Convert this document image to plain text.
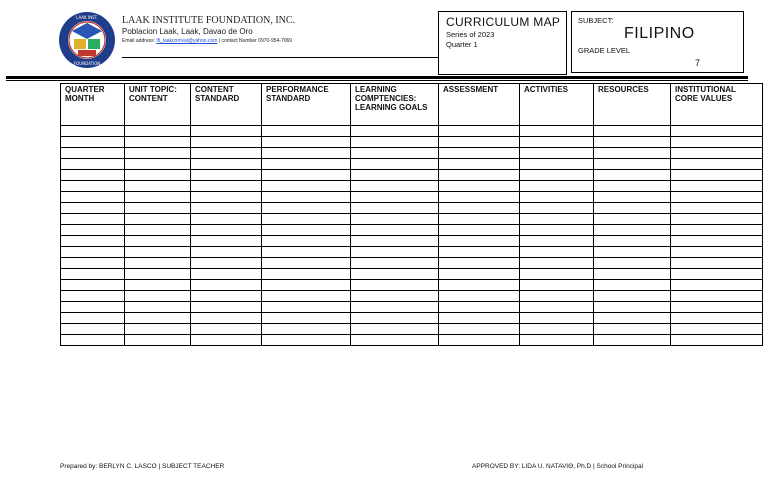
LAAK INST.
FOUNDATION
LAAK INSTITUTE FOUNDATION, INC.
Poblacion Laak, Laak, Davao de Oro
Email address: lfi_laakcomvai@yahoo.com | contact Number 0970-954-7069
CURRICULUM MAP
Series of 2023
Quarter 1
SUBJECT:
FILIPINO
GRADE LEVEL
7
QUARTER MONTH	UNIT TOPIC: CONTENT	CONTENT STANDARD	PERFORMANCE STANDARD	LEARNING COMPTENCIES: LEARNING GOALS	ASSESSMENT	ACTIVITIES	RESOURCES	INSTITUTIONAL CORE VALUES

Prepared by: BERLYN C. LASCO | SUBJECT TEACHER	APPROVED BY: LIDA U. NATAVIΘ, Ph.D | School Principal
